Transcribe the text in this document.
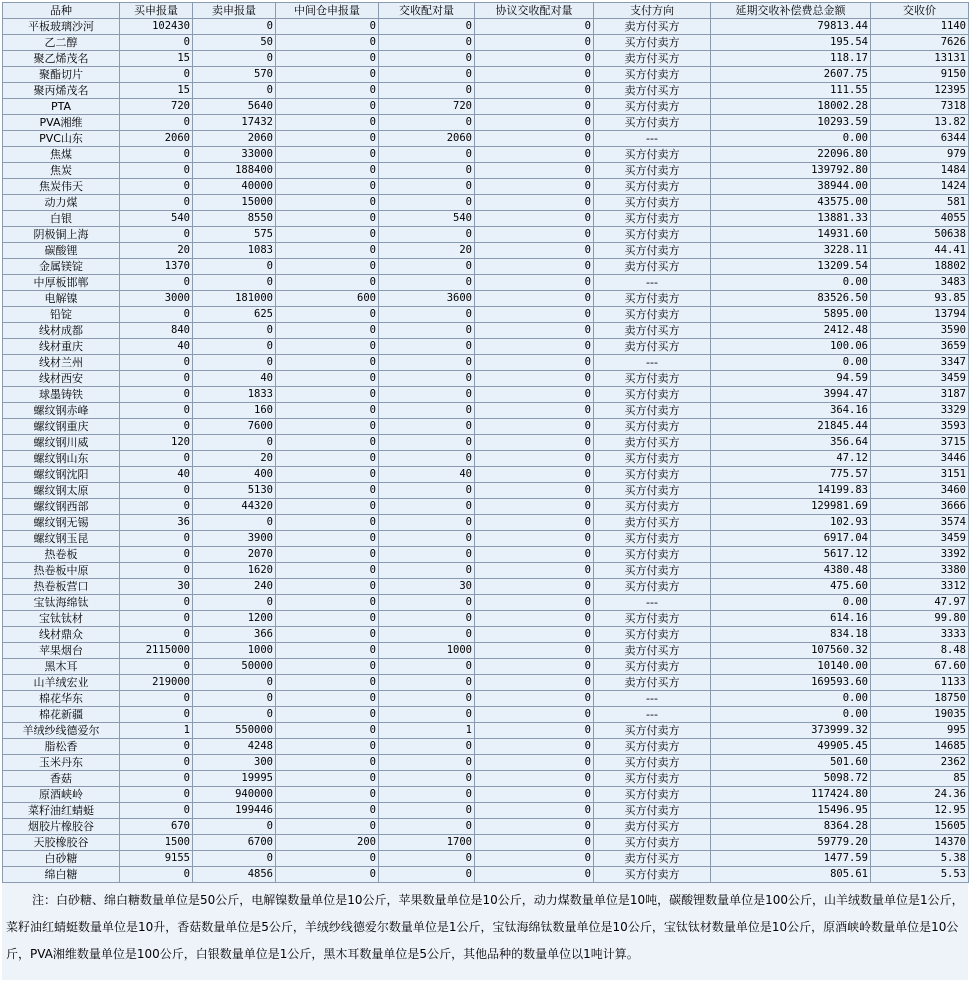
品种	买申报量	卖申报量	中间仓申报量	交收配对量	协议交收配对量	支付方向	延期交收补偿费总金额	交收价
平板玻璃沙河	102430	0	0	0	0	卖方付买方	79813.44	1140
乙二醇	0	50	0	0	0	买方付卖方	195.54	7626
聚乙烯茂名	15	0	0	0	0	卖方付买方	118.17	13131
聚酯切片	0	570	0	0	0	买方付卖方	2607.75	9150
聚丙烯茂名	15	0	0	0	0	卖方付买方	111.55	12395
PTA	720	5640	0	720	0	买方付卖方	18002.28	7318
PVA湘维	0	17432	0	0	0	买方付卖方	10293.59	13.82
PVC山东	2060	2060	0	2060	0	---	0.00	6344
焦煤	0	33000	0	0	0	买方付卖方	22096.80	979
焦炭	0	188400	0	0	0	买方付卖方	139792.80	1484
焦炭伟天	0	40000	0	0	0	买方付卖方	38944.00	1424
动力煤	0	15000	0	0	0	买方付卖方	43575.00	581
白银	540	8550	0	540	0	买方付卖方	13881.33	4055
阴极铜上海	0	575	0	0	0	买方付卖方	14931.60	50638
碳酸锂	20	1083	0	20	0	买方付卖方	3228.11	44.41
金属镁锭	1370	0	0	0	0	卖方付买方	13209.54	18802
中厚板邯郸	0	0	0	0	0	---	0.00	3483
电解镍	3000	181000	600	3600	0	买方付卖方	83526.50	93.85
铅锭	0	625	0	0	0	买方付卖方	5895.00	13794
线材成都	840	0	0	0	0	卖方付买方	2412.48	3590
线材重庆	40	0	0	0	0	卖方付买方	100.06	3659
线材兰州	0	0	0	0	0	---	0.00	3347
线材西安	0	40	0	0	0	买方付卖方	94.59	3459
球墨铸铁	0	1833	0	0	0	买方付卖方	3994.47	3187
螺纹钢赤峰	0	160	0	0	0	买方付卖方	364.16	3329
螺纹钢重庆	0	7600	0	0	0	买方付卖方	21845.44	3593
螺纹钢川威	120	0	0	0	0	卖方付买方	356.64	3715
螺纹钢山东	0	20	0	0	0	买方付卖方	47.12	3446
螺纹钢沈阳	40	400	0	40	0	买方付卖方	775.57	3151
螺纹钢太原	0	5130	0	0	0	买方付卖方	14199.83	3460
螺纹钢西部	0	44320	0	0	0	买方付卖方	129981.69	3666
螺纹钢无锡	36	0	0	0	0	卖方付买方	102.93	3574
螺纹钢玉昆	0	3900	0	0	0	买方付卖方	6917.04	3459
热卷板	0	2070	0	0	0	买方付卖方	5617.12	3392
热卷板中原	0	1620	0	0	0	买方付卖方	4380.48	3380
热卷板营口	30	240	0	30	0	买方付卖方	475.60	3312
宝钛海绵钛	0	0	0	0	0	---	0.00	47.97
宝钛钛材	0	1200	0	0	0	买方付卖方	614.16	99.80
线材鼎众	0	366	0	0	0	买方付卖方	834.18	3333
苹果烟台	2115000	1000	0	1000	0	卖方付买方	107560.32	8.48
黑木耳	0	50000	0	0	0	买方付卖方	10140.00	67.60
山羊绒宏业	219000	0	0	0	0	卖方付买方	169593.60	1133
棉花华东	0	0	0	0	0	---	0.00	18750
棉花新疆	0	0	0	0	0	---	0.00	19035
羊绒纱线德爱尔	1	550000	0	1	0	买方付卖方	373999.32	995
脂松香	0	4248	0	0	0	买方付卖方	49905.45	14685
玉米丹东	0	300	0	0	0	买方付卖方	501.60	2362
香菇	0	19995	0	0	0	买方付卖方	5098.72	85
原酒峡岭	0	940000	0	0	0	买方付卖方	117424.80	24.36
菜籽油红蜻蜓	0	199446	0	0	0	买方付卖方	15496.95	12.95
烟胶片橡胶谷	670	0	0	0	0	卖方付买方	8364.28	15605
天胶橡胶谷	1500	6700	200	1700	0	买方付卖方	59779.20	14370
白砂糖	9155	0	0	0	0	卖方付买方	1477.59	5.38
绵白糖	0	4856	0	0	0	买方付卖方	805.61	5.53
注：白砂糖、绵白糖数量单位是50公斤，电解镍数量单位是10公斤，苹果数量单位是10公斤，动力煤数量单位是10吨，碳酸锂数量单位是100公斤，山羊绒数量单位是1公斤，菜籽油红蜻蜓数量单位是10升，香菇数量单位是5公斤，羊绒纱线德爱尔数量单位是1公斤，宝钛海绵钛数量单位是10公斤，宝钛钛材数量单位是10公斤，原酒峡岭数量单位是10公斤，PVA湘维数量单位是100公斤，白银数量单位是1公斤，黑木耳数量单位是5公斤，其他品种的数量单位以1吨计算。
